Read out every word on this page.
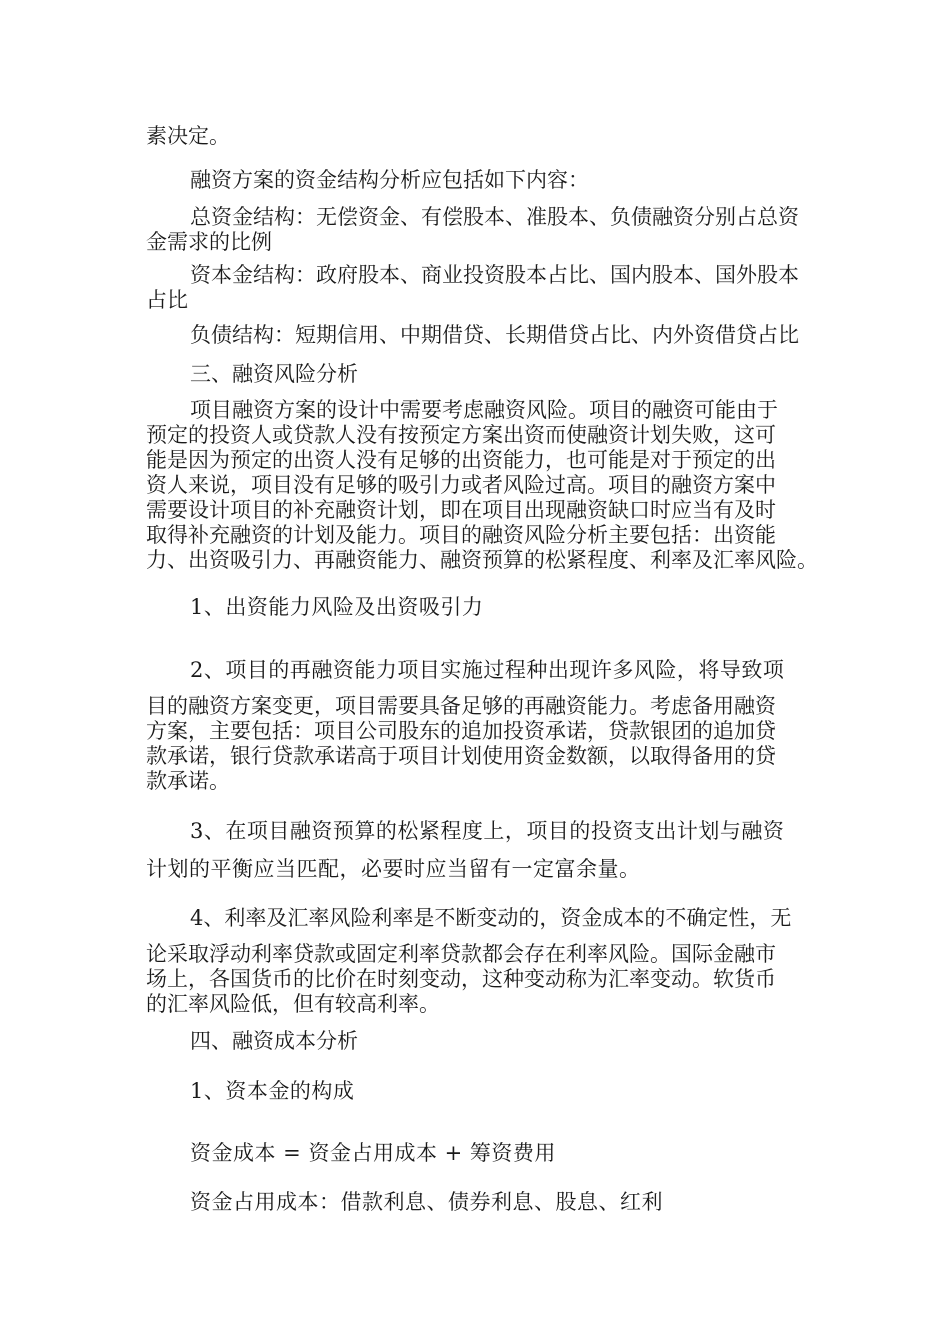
素决定。

融资方案的资金结构分析应包括如下内容：

总资金结构：无偿资金、有偿股本、准股本、负债融资分别占总资
金需求的比例
资本金结构：政府股本、商业投资股本占比、国内股本、国外股本
占比

负债结构：短期信用、中期借贷、长期借贷占比、内外资借贷占比

三、融资风险分析

项目融资方案的设计中需要考虑融资风险。项目的融资可能由于
预定的投资人或贷款人没有按预定方案出资而使融资计划失败，这可
能是因为预定的出资人没有足够的出资能力，也可能是对于预定的出
资人来说，项目没有足够的吸引力或者风险过高。项目的融资方案中
需要设计项目的补充融资计划，即在项目出现融资缺口时应当有及时
取得补充融资的计划及能力。项目的融资风险分析主要包括：出资能
力、出资吸引力、再融资能力、融资预算的松紧程度、利率及汇率风险。

1、出资能力风险及出资吸引力

2、项目的再融资能力项目实施过程种出现许多风险，将导致项

目的融资方案变更，项目需要具备足够的再融资能力。考虑备用融资
方案，主要包括：项目公司股东的追加投资承诺，贷款银团的追加贷
款承诺，银行贷款承诺高于项目计划使用资金数额，以取得备用的贷
款承诺。

3、在项目融资预算的松紧程度上，项目的投资支出计划与融资

计划的平衡应当匹配，必要时应当留有一定富余量。

4、利率及汇率风险利率是不断变动的，资金成本的不确定性，无

论采取浮动利率贷款或固定利率贷款都会存在利率风险。国际金融市
场上，各国货币的比价在时刻变动，这种变动称为汇率变动。软货币
的汇率风险低，但有较高利率。

四、融资成本分析

1、资本金的构成

资金成本 = 资金占用成本 + 筹资费用

资金占用成本：借款利息、债券利息、股息、红利
